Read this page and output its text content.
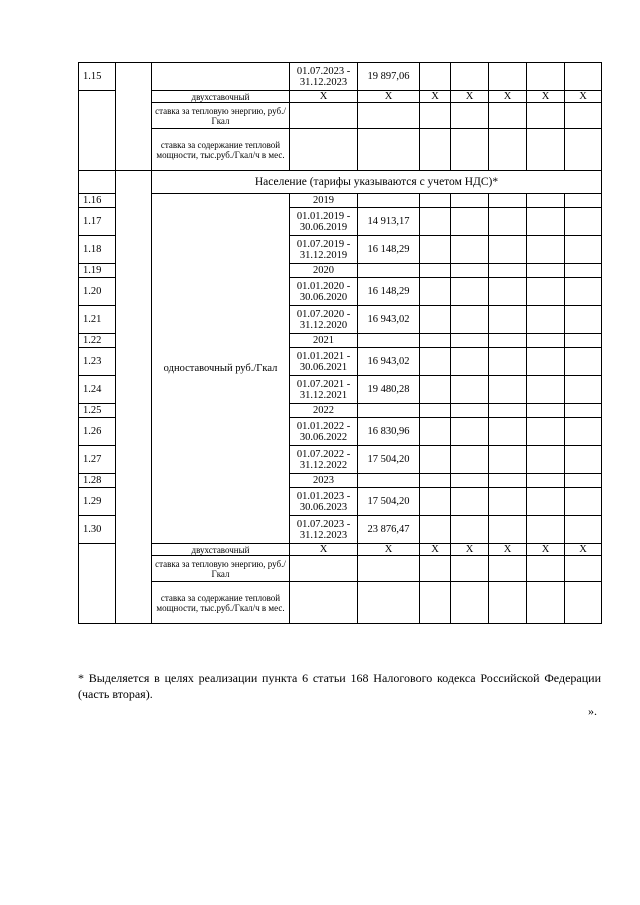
1.15			01.07.2023 - 31.12.2023	19 897,06					
		двухставочный	X	X	X	X	X	X	X
		ставка за тепловую энергию, руб./Гкал							
		ставка за содержание тепловой мощности, тыс.руб./Гкал/ч в мес.							
		Население (тарифы указываются с учетом НДС)*							
1.16		одноставочный руб./Гкал	2019						
1.17			01.01.2019 - 30.06.2019	14 913,17					
1.18			01.07.2019 - 31.12.2019	16 148,29					
1.19			2020						
1.20			01.01.2020 - 30.06.2020	16 148,29					
1.21			01.07.2020 - 31.12.2020	16 943,02					
1.22			2021						
1.23			01.01.2021 - 30.06.2021	16 943,02					
1.24			01.07.2021 - 31.12.2021	19 480,28					
1.25			2022						
1.26			01.01.2022 - 30.06.2022	16 830,96					
1.27			01.07.2022 - 31.12.2022	17 504,20					
1.28			2023						
1.29			01.01.2023 - 30.06.2023	17 504,20					
1.30			01.07.2023 - 31.12.2023	23 876,47					
		двухставочный	X	X	X	X	X	X	X
		ставка за тепловую энергию, руб./Гкал							
		ставка за содержание тепловой мощности, тыс.руб./Гкал/ч в мес.							

* Выделяется в целях реализации пункта 6 статьи 168 Налогового кодекса Российской Федерации (часть вторая).

».
